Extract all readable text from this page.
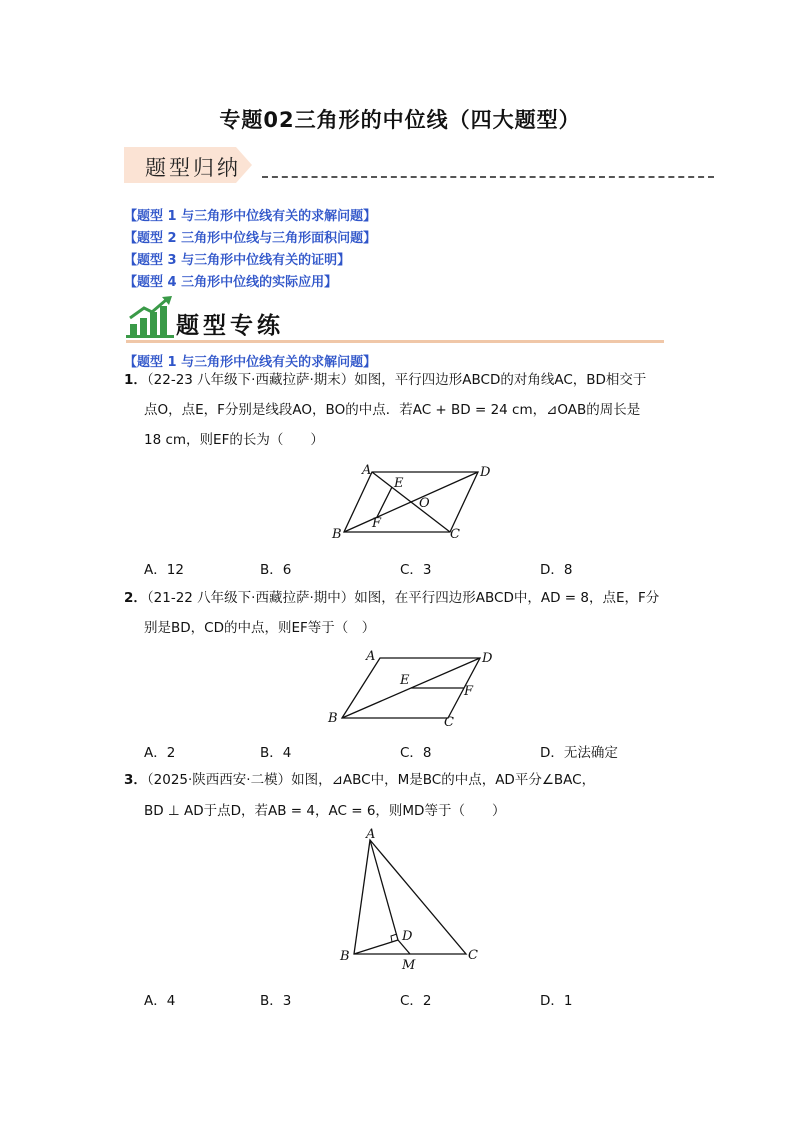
专题02三角形的中位线（四大题型）
题型归纳
【题型 1 与三角形中位线有关的求解问题】
【题型 2 三角形中位线与三角形面积问题】
【题型 3 与三角形中位线有关的证明】
【题型 4 三角形中位线的实际应用】
题型专练
【题型 1 与三角形中位线有关的求解问题】
1．（22-23 八年级下·西藏拉萨·期末）如图，平行四边形ABCD的对角线AC，BD相交于
点O，点E，F分别是线段AO，BO的中点．若AC + BD = 24 cm，⊿OAB的周长是
18 cm，则EF的长为（　　）
A	D
E
O
F
B	C
A．12	B．6	C．3	D．8
2．（21-22 八年级下·西藏拉萨·期中）如图，在平行四边形ABCD中，AD = 8，点E，F分
别是BD，CD的中点，则EF等于（　）
A	D
E
F
B	C
A．2	B．4	C．8	D．无法确定
3．（2025·陕西西安·二模）如图，⊿ABC中，M是BC的中点，AD平分∠BAC，
BD ⊥ AD于点D，若AB = 4，AC = 6，则MD等于（　　）
A
D
B
M
C
A．4	B．3	C．2	D．1
